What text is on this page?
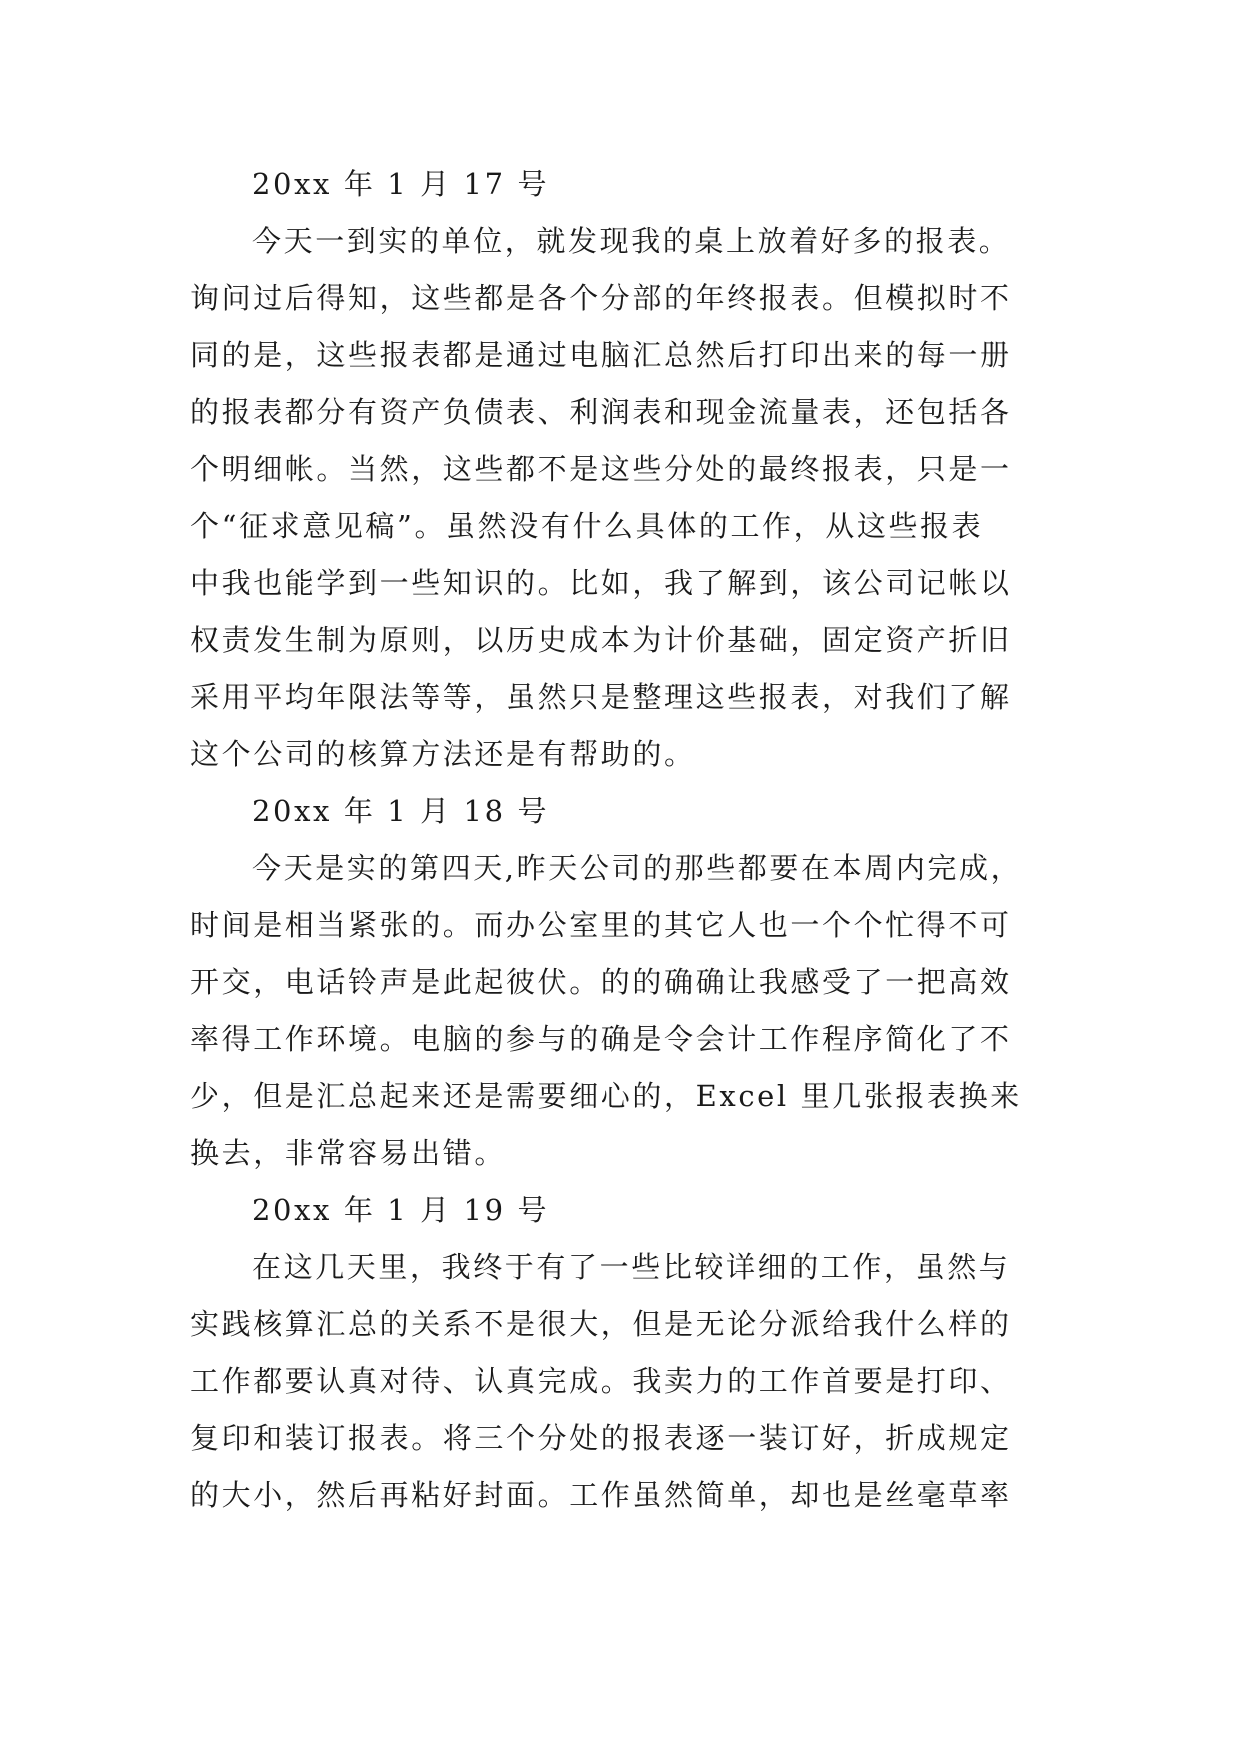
20xx 年 1 月 17 号
今天一到实的单位，就发现我的桌上放着好多的报表。
询问过后得知，这些都是各个分部的年终报表。但模拟时不
同的是，这些报表都是通过电脑汇总然后打印出来的每一册
的报表都分有资产负债表、利润表和现金流量表，还包括各
个明细帐。当然，这些都不是这些分处的最终报表，只是一
个“征求意见稿”。虽然没有什么具体的工作，从这些报表
中我也能学到一些知识的。比如，我了解到，该公司记帐以
权责发生制为原则，以历史成本为计价基础，固定资产折旧
采用平均年限法等等，虽然只是整理这些报表，对我们了解
这个公司的核算方法还是有帮助的。
20xx 年 1 月 18 号
今天是实的第四天,昨天公司的那些都要在本周内完成，
时间是相当紧张的。而办公室里的其它人也一个个忙得不可
开交，电话铃声是此起彼伏。的的确确让我感受了一把高效
率得工作环境。电脑的参与的确是令会计工作程序简化了不
少，但是汇总起来还是需要细心的，Excel 里几张报表换来
换去，非常容易出错。
20xx 年 1 月 19 号
在这几天里，我终于有了一些比较详细的工作，虽然与
实践核算汇总的关系不是很大，但是无论分派给我什么样的
工作都要认真对待、认真完成。我卖力的工作首要是打印、
复印和装订报表。将三个分处的报表逐一装订好，折成规定
的大小，然后再粘好封面。工作虽然简单，却也是丝毫草率
